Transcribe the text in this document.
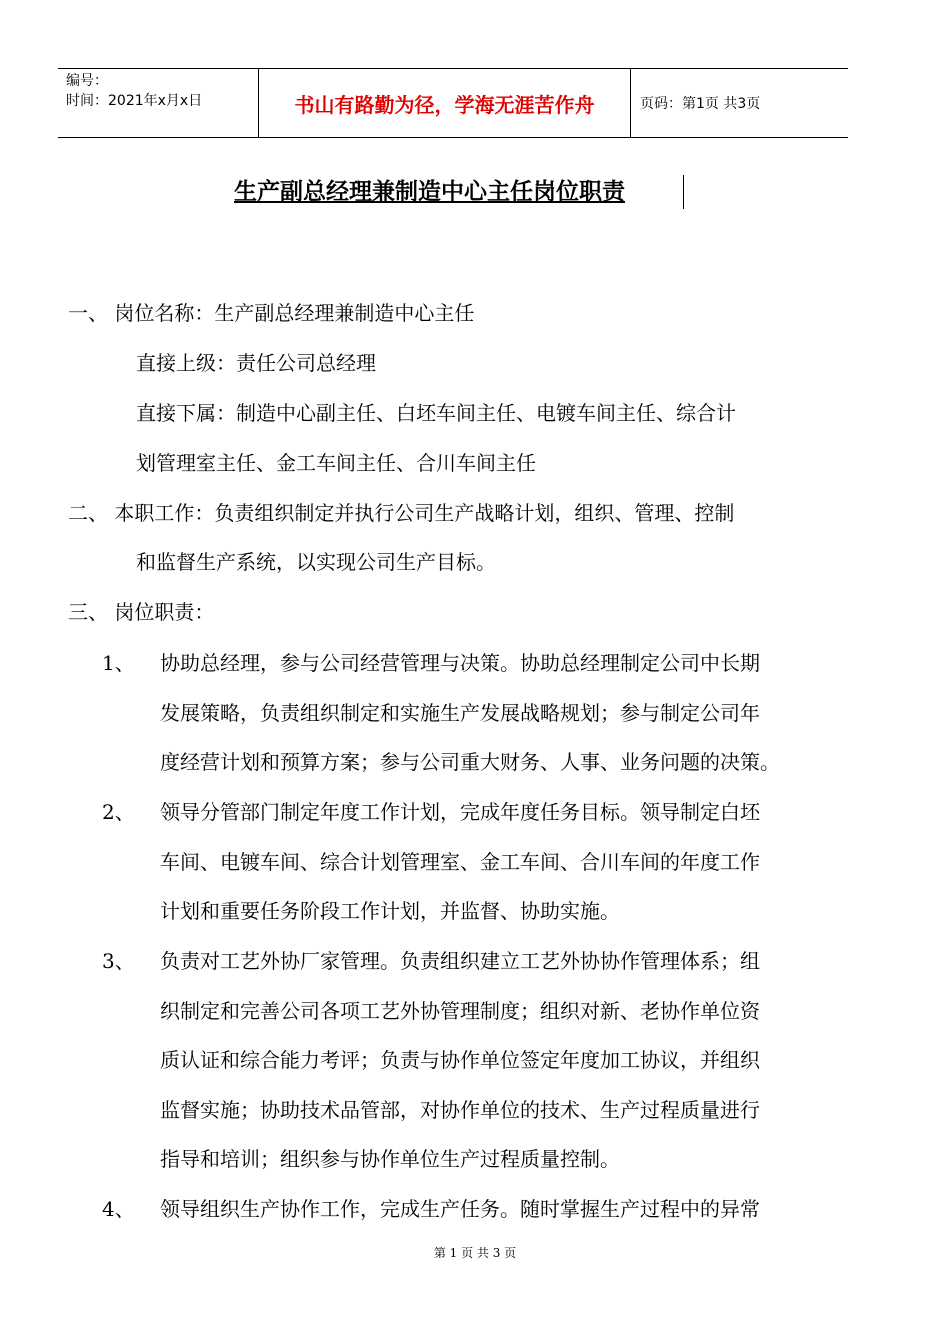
编号：
时间：2021年x月x日	书山有路勤为径，学海无涯苦作舟	页码：第1页 共3页
生产副总经理兼制造中心主任岗位职责
一、 岗位名称：生产副总经理兼制造中心主任
直接上级：责任公司总经理
直接下属：制造中心副主任、白坯车间主任、电镀车间主任、综合计
划管理室主任、金工车间主任、合川车间主任
二、 本职工作：负责组织制定并执行公司生产战略计划，组织、管理、控制
和监督生产系统，以实现公司生产目标。
三、 岗位职责：
1、 协助总经理，参与公司经营管理与决策。协助总经理制定公司中长期
发展策略，负责组织制定和实施生产发展战略规划；参与制定公司年
度经营计划和预算方案；参与公司重大财务、人事、业务问题的决策。
2、 领导分管部门制定年度工作计划，完成年度任务目标。领导制定白坯
车间、电镀车间、综合计划管理室、金工车间、合川车间的年度工作
计划和重要任务阶段工作计划，并监督、协助实施。
3、 负责对工艺外协厂家管理。负责组织建立工艺外协协作管理体系；组
织制定和完善公司各项工艺外协管理制度；组织对新、老协作单位资
质认证和综合能力考评；负责与协作单位签定年度加工协议，并组织
监督实施；协助技术品管部，对协作单位的技术、生产过程质量进行
指导和培训；组织参与协作单位生产过程质量控制。
4、 领导组织生产协作工作，完成生产任务。随时掌握生产过程中的异常
第 1 页 共 3 页
